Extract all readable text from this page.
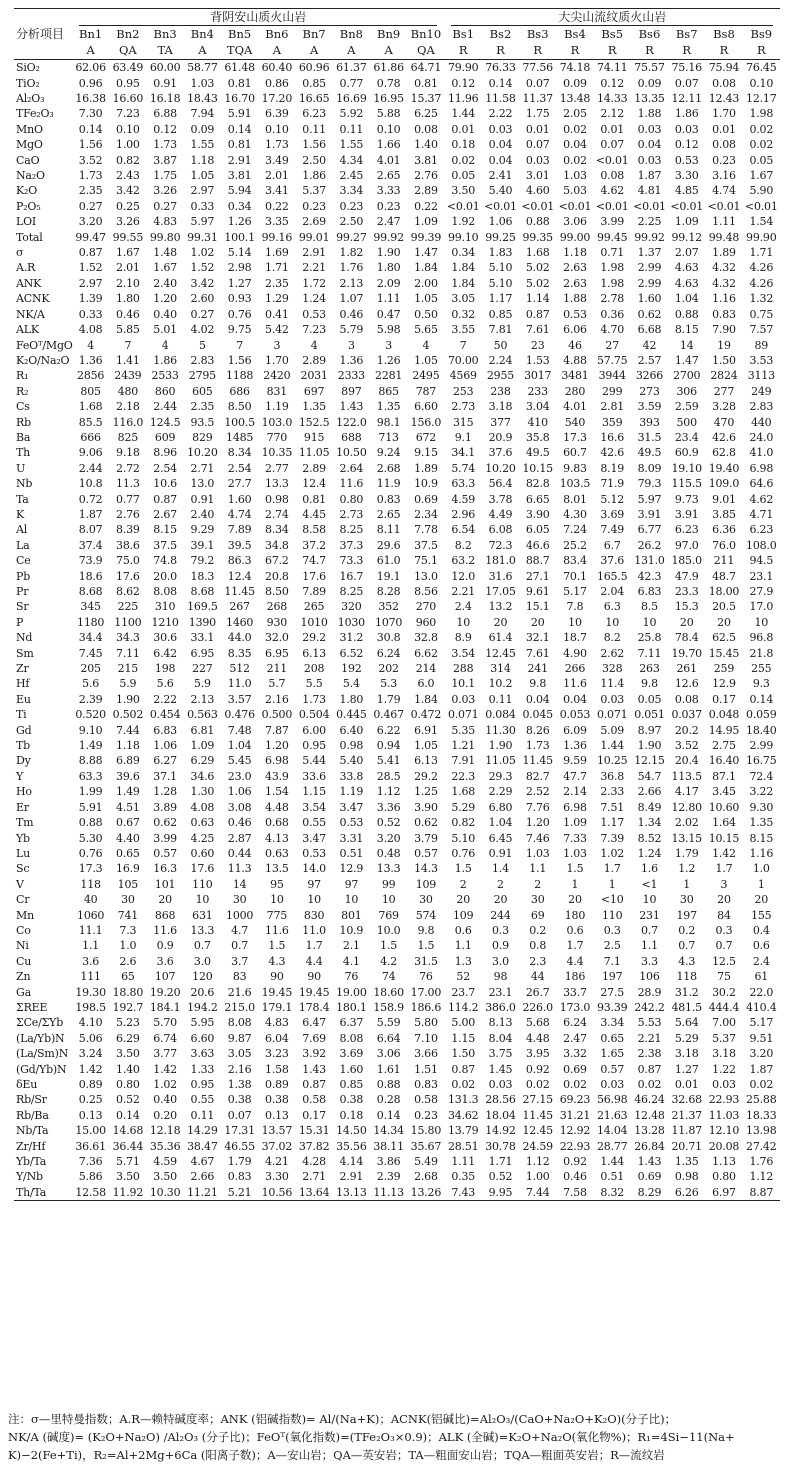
分析项目	背阴安山质火山岩										大尖山流纹质火山岩								
	Bn1	Bn2	Bn3	Bn4	Bn5	Bn6	Bn7	Bn8	Bn9	Bn10	Bs1	Bs2	Bs3	Bs4	Bs5	Bs6	Bs7	Bs8	Bs9
	A	QA	TA	A	TQA	A	A	A	A	QA	R	R	R	R	R	R	R	R	R
SiO₂	62.06	63.49	60.00	58.77	61.48	60.40	60.96	61.37	61.86	64.71	79.90	76.33	77.56	74.18	74.11	75.57	75.16	75.94	76.45
TiO₂	0.96	0.95	0.91	1.03	0.81	0.86	0.85	0.77	0.78	0.81	0.12	0.14	0.07	0.09	0.12	0.09	0.07	0.08	0.10
Al₂O₃	16.38	16.60	16.18	18.43	16.70	17.20	16.65	16.69	16.95	15.37	11.96	11.58	11.37	13.48	14.33	13.35	12.11	12.43	12.17
TFe₂O₃	7.30	7.23	6.88	7.94	5.91	6.39	6.23	5.92	5.88	6.25	1.44	2.22	1.75	2.05	2.12	1.88	1.86	1.70	1.98
MnO	0.14	0.10	0.12	0.09	0.14	0.10	0.11	0.11	0.10	0.08	0.01	0.03	0.01	0.02	0.01	0.03	0.03	0.01	0.02
MgO	1.56	1.00	1.73	1.55	0.81	1.73	1.56	1.55	1.66	1.40	0.18	0.04	0.07	0.04	0.07	0.04	0.12	0.08	0.02
CaO	3.52	0.82	3.87	1.18	2.91	3.49	2.50	4.34	4.01	3.81	0.02	0.04	0.03	0.02	<0.01	0.03	0.53	0.23	0.05
Na₂O	1.73	2.43	1.75	1.05	3.81	2.01	1.86	2.45	2.65	2.76	0.05	2.41	3.01	1.03	0.08	1.87	3.30	3.16	1.67
K₂O	2.35	3.42	3.26	2.97	5.94	3.41	5.37	3.34	3.33	2.89	3.50	5.40	4.60	5.03	4.62	4.81	4.85	4.74	5.90
P₂O₅	0.27	0.25	0.27	0.33	0.34	0.22	0.23	0.23	0.23	0.22	<0.01	<0.01	<0.01	<0.01	<0.01	<0.01	<0.01	<0.01	<0.01
LOI	3.20	3.26	4.83	5.97	1.26	3.35	2.69	2.50	2.47	1.09	1.92	1.06	0.88	3.06	3.99	2.25	1.09	1.11	1.54
Total	99.47	99.55	99.80	99.31	100.1	99.16	99.01	99.27	99.92	99.39	99.10	99.25	99.35	99.00	99.45	99.92	99.12	99.48	99.90
σ	0.87	1.67	1.48	1.02	5.14	1.69	2.91	1.82	1.90	1.47	0.34	1.83	1.68	1.18	0.71	1.37	2.07	1.89	1.71
A.R	1.52	2.01	1.67	1.52	2.98	1.71	2.21	1.76	1.80	1.84	1.84	5.10	5.02	2.63	1.98	2.99	4.63	4.32	4.26
ANK	2.97	2.10	2.40	3.42	1.27	2.35	1.72	2.13	2.09	2.00	1.84	5.10	5.02	2.63	1.98	2.99	4.63	4.32	4.26
ACNK	1.39	1.80	1.20	2.60	0.93	1.29	1.24	1.07	1.11	1.05	3.05	1.17	1.14	1.88	2.78	1.60	1.04	1.16	1.32
NK/A	0.33	0.46	0.40	0.27	0.76	0.41	0.53	0.46	0.47	0.50	0.32	0.85	0.87	0.53	0.36	0.62	0.88	0.83	0.75
ALK	4.08	5.85	5.01	4.02	9.75	5.42	7.23	5.79	5.98	5.65	3.55	7.81	7.61	6.06	4.70	6.68	8.15	7.90	7.57
FeOᵀ/MgO	4	7	4	5	7	3	4	3	3	4	7	50	23	46	27	42	14	19	89
K₂O/Na₂O	1.36	1.41	1.86	2.83	1.56	1.70	2.89	1.36	1.26	1.05	70.00	2.24	1.53	4.88	57.75	2.57	1.47	1.50	3.53
R₁	2856	2439	2533	2795	1188	2420	2031	2333	2281	2495	4569	2955	3017	3481	3944	3266	2700	2824	3113
R₂	805	480	860	605	686	831	697	897	865	787	253	238	233	280	299	273	306	277	249
Cs	1.68	2.18	2.44	2.35	8.50	1.19	1.35	1.43	1.35	6.60	2.73	3.18	3.04	4.01	2.81	3.59	2.59	3.28	2.83
Rb	85.5	116.0	124.5	93.5	100.5	103.0	152.5	122.0	98.1	156.0	315	377	410	540	359	393	500	470	440
Ba	666	825	609	829	1485	770	915	688	713	672	9.1	20.9	35.8	17.3	16.6	31.5	23.4	42.6	24.0
Th	9.06	9.18	8.96	10.20	8.34	10.35	11.05	10.50	9.24	9.15	34.1	37.6	49.5	60.7	42.6	49.5	60.9	62.8	41.0
U	2.44	2.72	2.54	2.71	2.54	2.77	2.89	2.64	2.68	1.89	5.74	10.20	10.15	9.83	8.19	8.09	19.10	19.40	6.98
Nb	10.8	11.3	10.6	13.0	27.7	13.3	12.4	11.6	11.9	10.9	63.3	56.4	82.8	103.5	71.9	79.3	115.5	109.0	64.6
Ta	0.72	0.77	0.87	0.91	1.60	0.98	0.81	0.80	0.83	0.69	4.59	3.78	6.65	8.01	5.12	5.97	9.73	9.01	4.62
K	1.87	2.76	2.67	2.40	4.74	2.74	4.45	2.73	2.65	2.34	2.96	4.49	3.90	4.30	3.69	3.91	3.91	3.85	4.71
Al	8.07	8.39	8.15	9.29	7.89	8.34	8.58	8.25	8.11	7.78	6.54	6.08	6.05	7.24	7.49	6.77	6.23	6.36	6.23
La	37.4	38.6	37.5	39.1	39.5	34.8	37.2	37.3	29.6	37.5	8.2	72.3	46.6	25.2	6.7	26.2	97.0	76.0	108.0
Ce	73.9	75.0	74.8	79.2	86.3	67.2	74.7	73.3	61.0	75.1	63.2	181.0	88.7	83.4	37.6	131.0	185.0	211	94.5
Pb	18.6	17.6	20.0	18.3	12.4	20.8	17.6	16.7	19.1	13.0	12.0	31.6	27.1	70.1	165.5	42.3	47.9	48.7	23.1
Pr	8.68	8.62	8.08	8.68	11.45	8.50	7.89	8.25	8.28	8.56	2.21	17.05	9.61	5.17	2.04	6.83	23.3	18.00	27.9
Sr	345	225	310	169.5	267	268	265	320	352	270	2.4	13.2	15.1	7.8	6.3	8.5	15.3	20.5	17.0
P	1180	1100	1210	1390	1460	930	1010	1030	1070	960	10	20	20	10	10	10	20	20	10
Nd	34.4	34.3	30.6	33.1	44.0	32.0	29.2	31.2	30.8	32.8	8.9	61.4	32.1	18.7	8.2	25.8	78.4	62.5	96.8
Sm	7.45	7.11	6.42	6.95	8.35	6.95	6.13	6.52	6.24	6.62	3.54	12.45	7.61	4.90	2.62	7.11	19.70	15.45	21.8
Zr	205	215	198	227	512	211	208	192	202	214	288	314	241	266	328	263	261	259	255
Hf	5.6	5.9	5.6	5.9	11.0	5.7	5.5	5.4	5.3	6.0	10.1	10.2	9.8	11.6	11.4	9.8	12.6	12.9	9.3
Eu	2.39	1.90	2.22	2.13	3.57	2.16	1.73	1.80	1.79	1.84	0.03	0.11	0.04	0.04	0.03	0.05	0.08	0.17	0.14
Ti	0.520	0.502	0.454	0.563	0.476	0.500	0.504	0.445	0.467	0.472	0.071	0.084	0.045	0.053	0.071	0.051	0.037	0.048	0.059
Gd	9.10	7.44	6.83	6.81	7.48	7.87	6.00	6.40	6.22	6.91	5.35	11.30	8.26	6.09	5.09	8.97	20.2	14.95	18.40
Tb	1.49	1.18	1.06	1.09	1.04	1.20	0.95	0.98	0.94	1.05	1.21	1.90	1.73	1.36	1.44	1.90	3.52	2.75	2.99
Dy	8.88	6.89	6.27	6.29	5.45	6.98	5.44	5.40	5.41	6.13	7.91	11.05	11.45	9.59	10.25	12.15	20.4	16.40	16.75
Y	63.3	39.6	37.1	34.6	23.0	43.9	33.6	33.8	28.5	29.2	22.3	29.3	82.7	47.7	36.8	54.7	113.5	87.1	72.4
Ho	1.99	1.49	1.28	1.30	1.06	1.54	1.15	1.19	1.12	1.25	1.68	2.29	2.52	2.14	2.33	2.66	4.17	3.45	3.22
Er	5.91	4.51	3.89	4.08	3.08	4.48	3.54	3.47	3.36	3.90	5.29	6.80	7.76	6.98	7.51	8.49	12.80	10.60	9.30
Tm	0.88	0.67	0.62	0.63	0.46	0.68	0.55	0.53	0.52	0.62	0.82	1.04	1.20	1.09	1.17	1.34	2.02	1.64	1.35
Yb	5.30	4.40	3.99	4.25	2.87	4.13	3.47	3.31	3.20	3.79	5.10	6.45	7.46	7.33	7.39	8.52	13.15	10.15	8.15
Lu	0.76	0.65	0.57	0.60	0.44	0.63	0.53	0.51	0.48	0.57	0.76	0.91	1.03	1.03	1.02	1.24	1.79	1.42	1.16
Sc	17.3	16.9	16.3	17.6	11.3	13.5	14.0	12.9	13.3	14.3	1.5	1.4	1.1	1.5	1.7	1.6	1.2	1.7	1.0
V	118	105	101	110	14	95	97	97	99	109	2	2	2	1	1	<1	1	3	1
Cr	40	30	20	10	30	10	10	10	10	30	20	20	30	20	<10	10	30	20	20
Mn	1060	741	868	631	1000	775	830	801	769	574	109	244	69	180	110	231	197	84	155
Co	11.1	7.3	11.6	13.3	4.7	11.6	11.0	10.9	10.0	9.8	0.6	0.3	0.2	0.6	0.3	0.7	0.2	0.3	0.4
Ni	1.1	1.0	0.9	0.7	0.7	1.5	1.7	2.1	1.5	1.5	1.1	0.9	0.8	1.7	2.5	1.1	0.7	0.7	0.6
Cu	3.6	2.6	3.6	3.0	3.7	4.3	4.4	4.1	4.2	31.5	1.3	3.0	2.3	4.4	7.1	3.3	4.3	12.5	2.4
Zn	111	65	107	120	83	90	90	76	74	76	52	98	44	186	197	106	118	75	61
Ga	19.30	18.80	19.20	20.6	21.6	19.45	19.45	19.00	18.60	17.00	23.7	23.1	26.7	33.7	27.5	28.9	31.2	30.2	22.0
ΣREE	198.5	192.7	184.1	194.2	215.0	179.1	178.4	180.1	158.9	186.6	114.2	386.0	226.0	173.0	93.39	242.2	481.5	444.4	410.4
ΣCe/ΣYb	4.10	5.23	5.70	5.95	8.08	4.83	6.47	6.37	5.59	5.80	5.00	8.13	5.68	6.24	3.34	5.53	5.64	7.00	5.17
(La/Yb)N	5.06	6.29	6.74	6.60	9.87	6.04	7.69	8.08	6.64	7.10	1.15	8.04	4.48	2.47	0.65	2.21	5.29	5.37	9.51
(La/Sm)N	3.24	3.50	3.77	3.63	3.05	3.23	3.92	3.69	3.06	3.66	1.50	3.75	3.95	3.32	1.65	2.38	3.18	3.18	3.20
(Gd/Yb)N	1.42	1.40	1.42	1.33	2.16	1.58	1.43	1.60	1.61	1.51	0.87	1.45	0.92	0.69	0.57	0.87	1.27	1.22	1.87
δEu	0.89	0.80	1.02	0.95	1.38	0.89	0.87	0.85	0.88	0.83	0.02	0.03	0.02	0.02	0.03	0.02	0.01	0.03	0.02
Rb/Sr	0.25	0.52	0.40	0.55	0.38	0.38	0.58	0.38	0.28	0.58	131.3	28.56	27.15	69.23	56.98	46.24	32.68	22.93	25.88
Rb/Ba	0.13	0.14	0.20	0.11	0.07	0.13	0.17	0.18	0.14	0.23	34.62	18.04	11.45	31.21	21.63	12.48	21.37	11.03	18.33
Nb/Ta	15.00	14.68	12.18	14.29	17.31	13.57	15.31	14.50	14.34	15.80	13.79	14.92	12.45	12.92	14.04	13.28	11.87	12.10	13.98
Zr/Hf	36.61	36.44	35.36	38.47	46.55	37.02	37.82	35.56	38.11	35.67	28.51	30.78	24.59	22.93	28.77	26.84	20.71	20.08	27.42
Yb/Ta	7.36	5.71	4.59	4.67	1.79	4.21	4.28	4.14	3.86	5.49	1.11	1.71	1.12	0.92	1.44	1.43	1.35	1.13	1.76
Y/Nb	5.86	3.50	3.50	2.66	0.83	3.30	2.71	2.91	2.39	2.68	0.35	0.52	1.00	0.46	0.51	0.69	0.98	0.80	1.12
Th/Ta	12.58	11.92	10.30	11.21	5.21	10.56	13.64	13.13	11.13	13.26	7.43	9.95	7.44	7.58	8.32	8.29	6.26	6.97	8.87

注：σ—里特曼指数；A.R—赖特碱度率；ANK (铝碱指数)= Al/(Na+K)；ACNK(铝碱比)=Al₂O₃/(CaO+Na₂O+K₂O)(分子比)；

NK/A (碱度)= (K₂O+Na₂O) /Al₂O₃ (分子比)；FeOᵀ(氧化指数)=(TFe₂O₃×0.9)；ALK (全碱)=K₂O+Na₂O(氧化物%)；R₁=4Si−11(Na+

K)−2(Fe+Ti)，R₂=Al+2Mg+6Ca (阳离子数)；A—安山岩；QA—英安岩；TA—粗面安山岩；TQA—粗面英安岩；R—流纹岩
